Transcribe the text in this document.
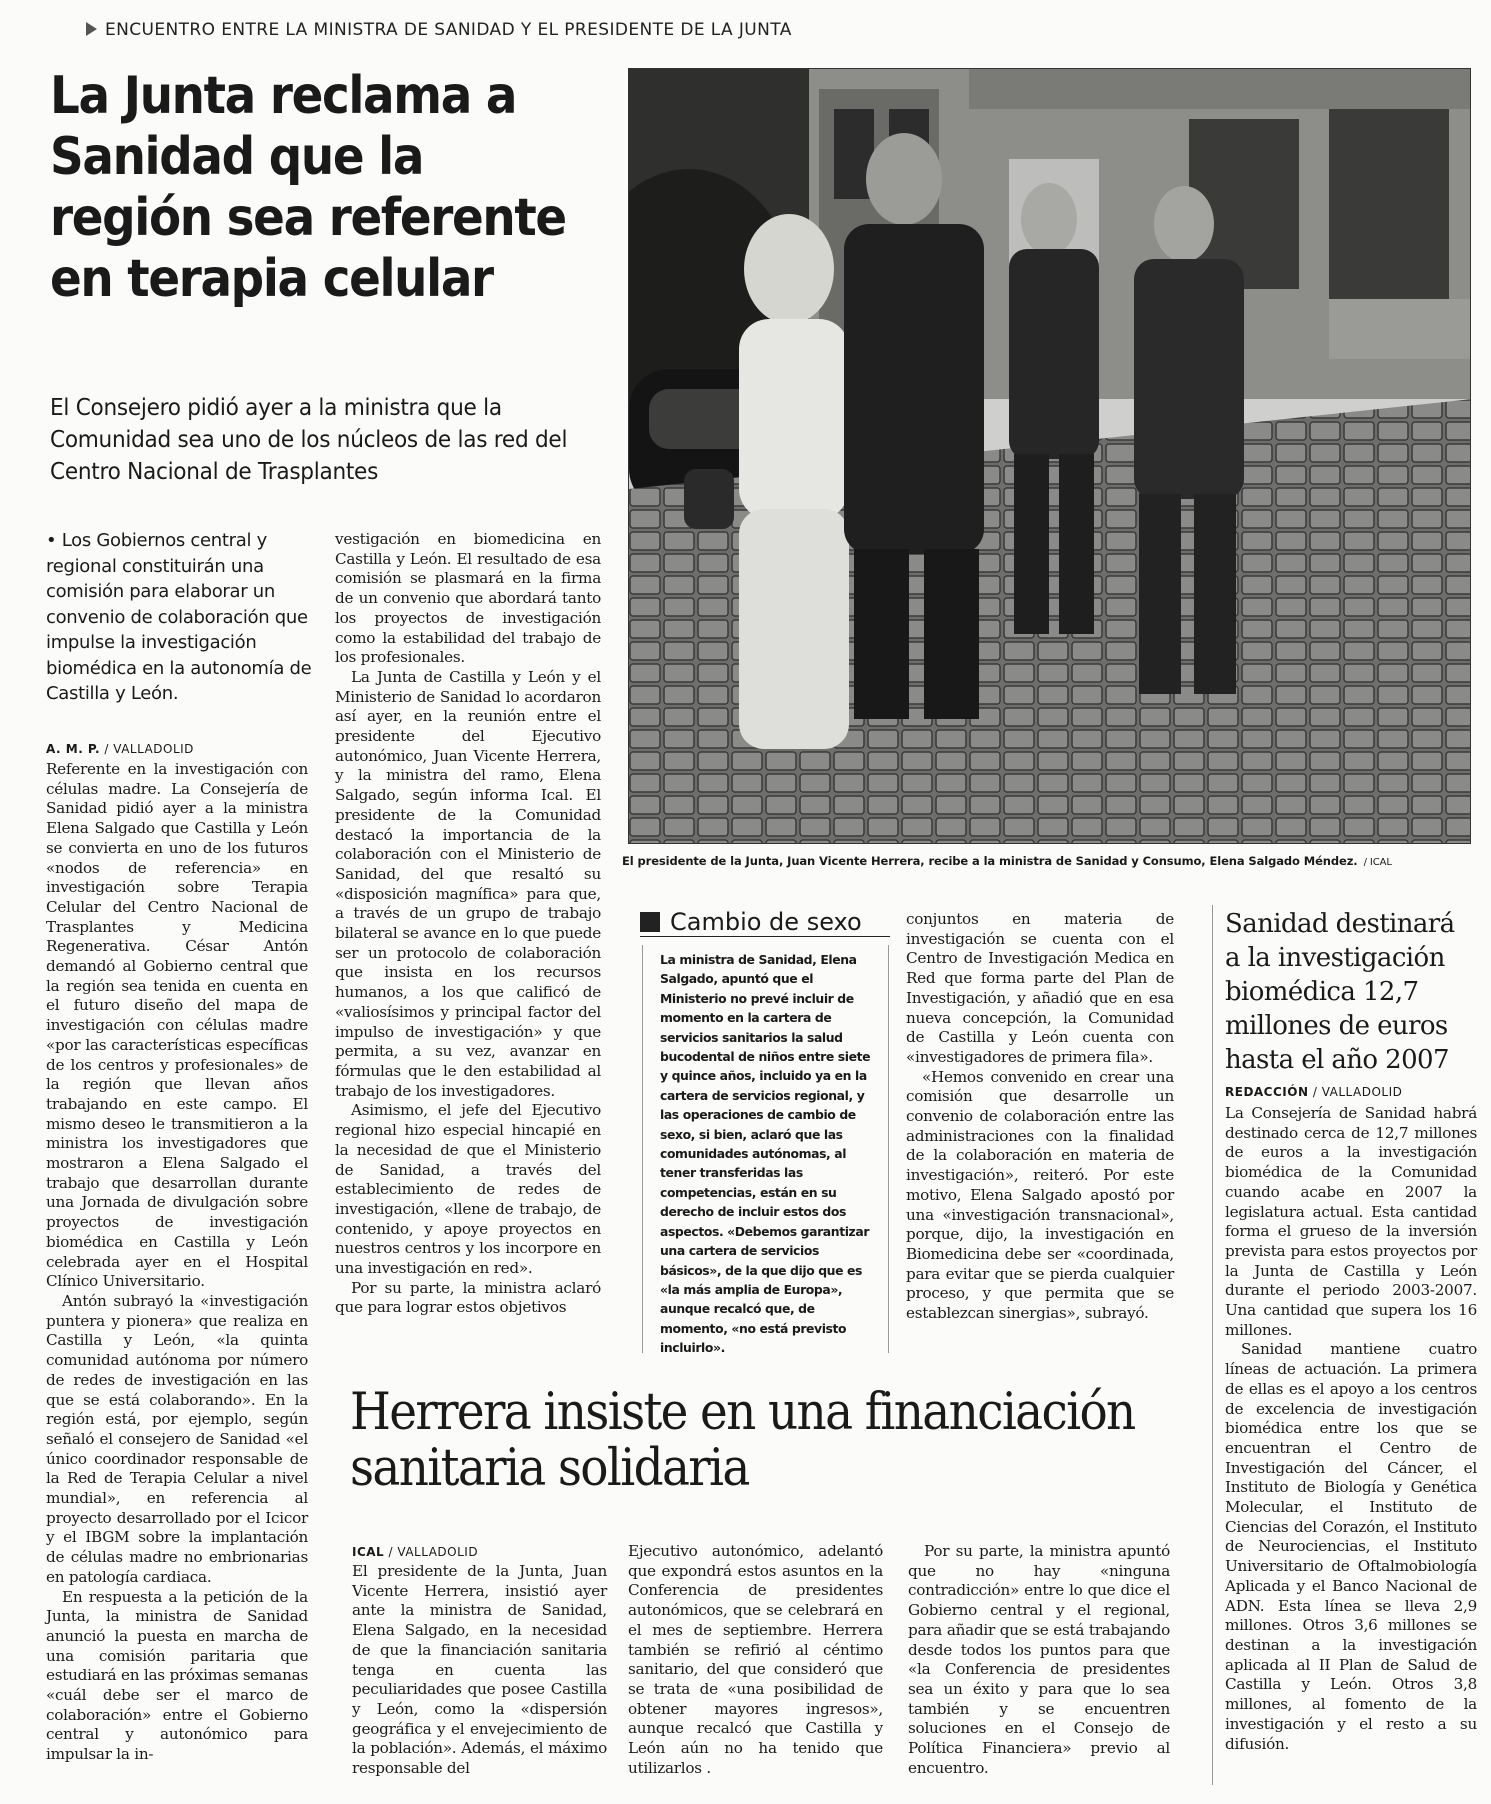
ENCUENTRO ENTRE LA MINISTRA DE SANIDAD Y EL PRESIDENTE DE LA JUNTA
La Junta reclama a Sanidad que la región sea referente en terapia celular
El Consejero pidió ayer a la ministra que la Comunidad sea uno de los núcleos de las red del Centro Nacional de Trasplantes
• Los Gobiernos central y regional constituirán una comisión para elaborar un convenio de colaboración que impulse la investigación biomédica en la autonomía de Castilla y León.
A. M. P. / VALLADOLID

Referente en la investigación con células madre. La Consejería de Sanidad pidió ayer a la ministra Elena Salgado que Castilla y León se convierta en uno de los futuros «nodos de referencia» en investigación sobre Terapia Celular del Centro Nacional de Trasplantes y Medicina Regenerativa. César Antón demandó al Gobierno central que la región sea tenida en cuenta en el futuro diseño del mapa de investigación con células madre «por las características específicas de los centros y profesionales» de la región que llevan años trabajando en este campo. El mismo deseo le transmitieron a la ministra los investigadores que mostraron a Elena Salgado el trabajo que desarrollan durante una Jornada de divulgación sobre proyectos de investigación biomédica en Castilla y León celebrada ayer en el Hospital Clínico Universitario.

Antón subrayó la «investigación puntera y pionera» que realiza en Castilla y León, «la quinta comunidad autónoma por número de redes de investigación en las que se está colaborando». En la región está, por ejemplo, según señaló el consejero de Sanidad «el único coordinador responsable de la Red de Terapia Celular a nivel mundial», en referencia al proyecto desarrollado por el Icicor y el IBGM sobre la implantación de células madre no embrionarias en patología cardiaca.

En respuesta a la petición de la Junta, la ministra de Sanidad anunció la puesta en marcha de una comisión paritaria que estudiará en las próximas semanas «cuál debe ser el marco de colaboración» entre el Gobierno central y autonómico para impulsar la in-

vestigación en biomedicina en Castilla y León. El resultado de esa comisión se plasmará en la firma de un convenio que abordará tanto los proyectos de investigación como la estabilidad del trabajo de los profesionales.

La Junta de Castilla y León y el Ministerio de Sanidad lo acordaron así ayer, en la reunión entre el presidente del Ejecutivo autonómico, Juan Vicente Herrera, y la ministra del ramo, Elena Salgado, según informa Ical. El presidente de la Comunidad destacó la importancia de la colaboración con el Ministerio de Sanidad, del que resaltó su «disposición magnífica» para que, a través de un grupo de trabajo bilateral se avance en lo que puede ser un protocolo de colaboración que insista en los recursos humanos, a los que calificó de «valiosísimos y principal factor del impulso de investigación» y que permita, a su vez, avanzar en fórmulas que le den estabilidad al trabajo de los investigadores.

Asimismo, el jefe del Ejecutivo regional hizo especial hincapié en la necesidad de que el Ministerio de Sanidad, a través del establecimiento de redes de investigación, «llene de trabajo, de contenido, y apoye proyectos en nuestros centros y los incorpore en una investigación en red».

Por su parte, la ministra aclaró que para lograr estos objetivos

El presidente de la Junta, Juan Vicente Herrera, recibe a la ministra de Sanidad y Consumo, Elena Salgado Méndez. / ICAL
Cambio de sexo
La ministra de Sanidad, Elena Salgado, apuntó que el Ministerio no prevé incluir de momento en la cartera de servicios sanitarios la salud bucodental de niños entre siete y quince años, incluido ya en la cartera de servicios regional, y las operaciones de cambio de sexo, si bien, aclaró que las comunidades autónomas, al tener transferidas las competencias, están en su derecho de incluir estos dos aspectos. «Debemos garantizar una cartera de servicios básicos», de la que dijo que es «la más amplia de Europa», aunque recalcó que, de momento, «no está previsto incluirlo».

conjuntos en materia de investigación se cuenta con el Centro de Investigación Medica en Red que forma parte del Plan de Investigación, y añadió que en esa nueva concepción, la Comunidad de Castilla y León cuenta con «investigadores de primera fila».

«Hemos convenido en crear una comisión que desarrolle un convenio de colaboración entre las administraciones con la finalidad de la colaboración en materia de investigación», reiteró. Por este motivo, Elena Salgado apostó por una «investigación transnacional», porque, dijo, la investigación en Biomedicina debe ser «coordinada, para evitar que se pierda cualquier proceso, y que permita que se establezcan sinergias», subrayó.

Sanidad destinará a la investigación biomédica 12,7 millones de euros hasta el año 2007
REDACCIÓN / VALLADOLID

La Consejería de Sanidad habrá destinado cerca de 12,7 millones de euros a la investigación biomédica de la Comunidad cuando acabe en 2007 la legislatura actual. Esta cantidad forma el grueso de la inversión prevista para estos proyectos por la Junta de Castilla y León durante el periodo 2003-2007. Una cantidad que supera los 16 millones.

Sanidad mantiene cuatro líneas de actuación. La primera de ellas es el apoyo a los centros de excelencia de investigación biomédica entre los que se encuentran el Centro de Investigación del Cáncer, el Instituto de Biología y Genética Molecular, el Instituto de Ciencias del Corazón, el Instituto de Neurociencias, el Instituto Universitario de Oftalmobiología Aplicada y el Banco Nacional de ADN. Esta línea se lleva 2,9 millones. Otros 3,6 millones se destinan a la investigación aplicada al II Plan de Salud de Castilla y León. Otros 3,8 millones, al fomento de la investigación y el resto a su difusión.

Herrera insiste en una financiación sanitaria solidaria
ICAL / VALLADOLID

El presidente de la Junta, Juan Vicente Herrera, insistió ayer ante la ministra de Sanidad, Elena Salgado, en la necesidad de que la financiación sanitaria tenga en cuenta las peculiaridades que posee Castilla y León, como la «dispersión geográfica y el envejecimiento de la población». Además, el máximo responsable del

Ejecutivo autonómico, adelantó que expondrá estos asuntos en la Conferencia de presidentes autonómicos, que se celebrará en el mes de septiembre. Herrera también se refirió al céntimo sanitario, del que consideró que se trata de «una posibilidad de obtener mayores ingresos», aunque recalcó que Castilla y León aún no ha tenido que utilizarlos .

Por su parte, la ministra apuntó que no hay «ninguna contradicción» entre lo que dice el Gobierno central y el regional, para añadir que se está trabajando desde todos los puntos para que «la Conferencia de presidentes sea un éxito y para que lo sea también y se encuentren soluciones en el Consejo de Política Financiera» previo al encuentro.
